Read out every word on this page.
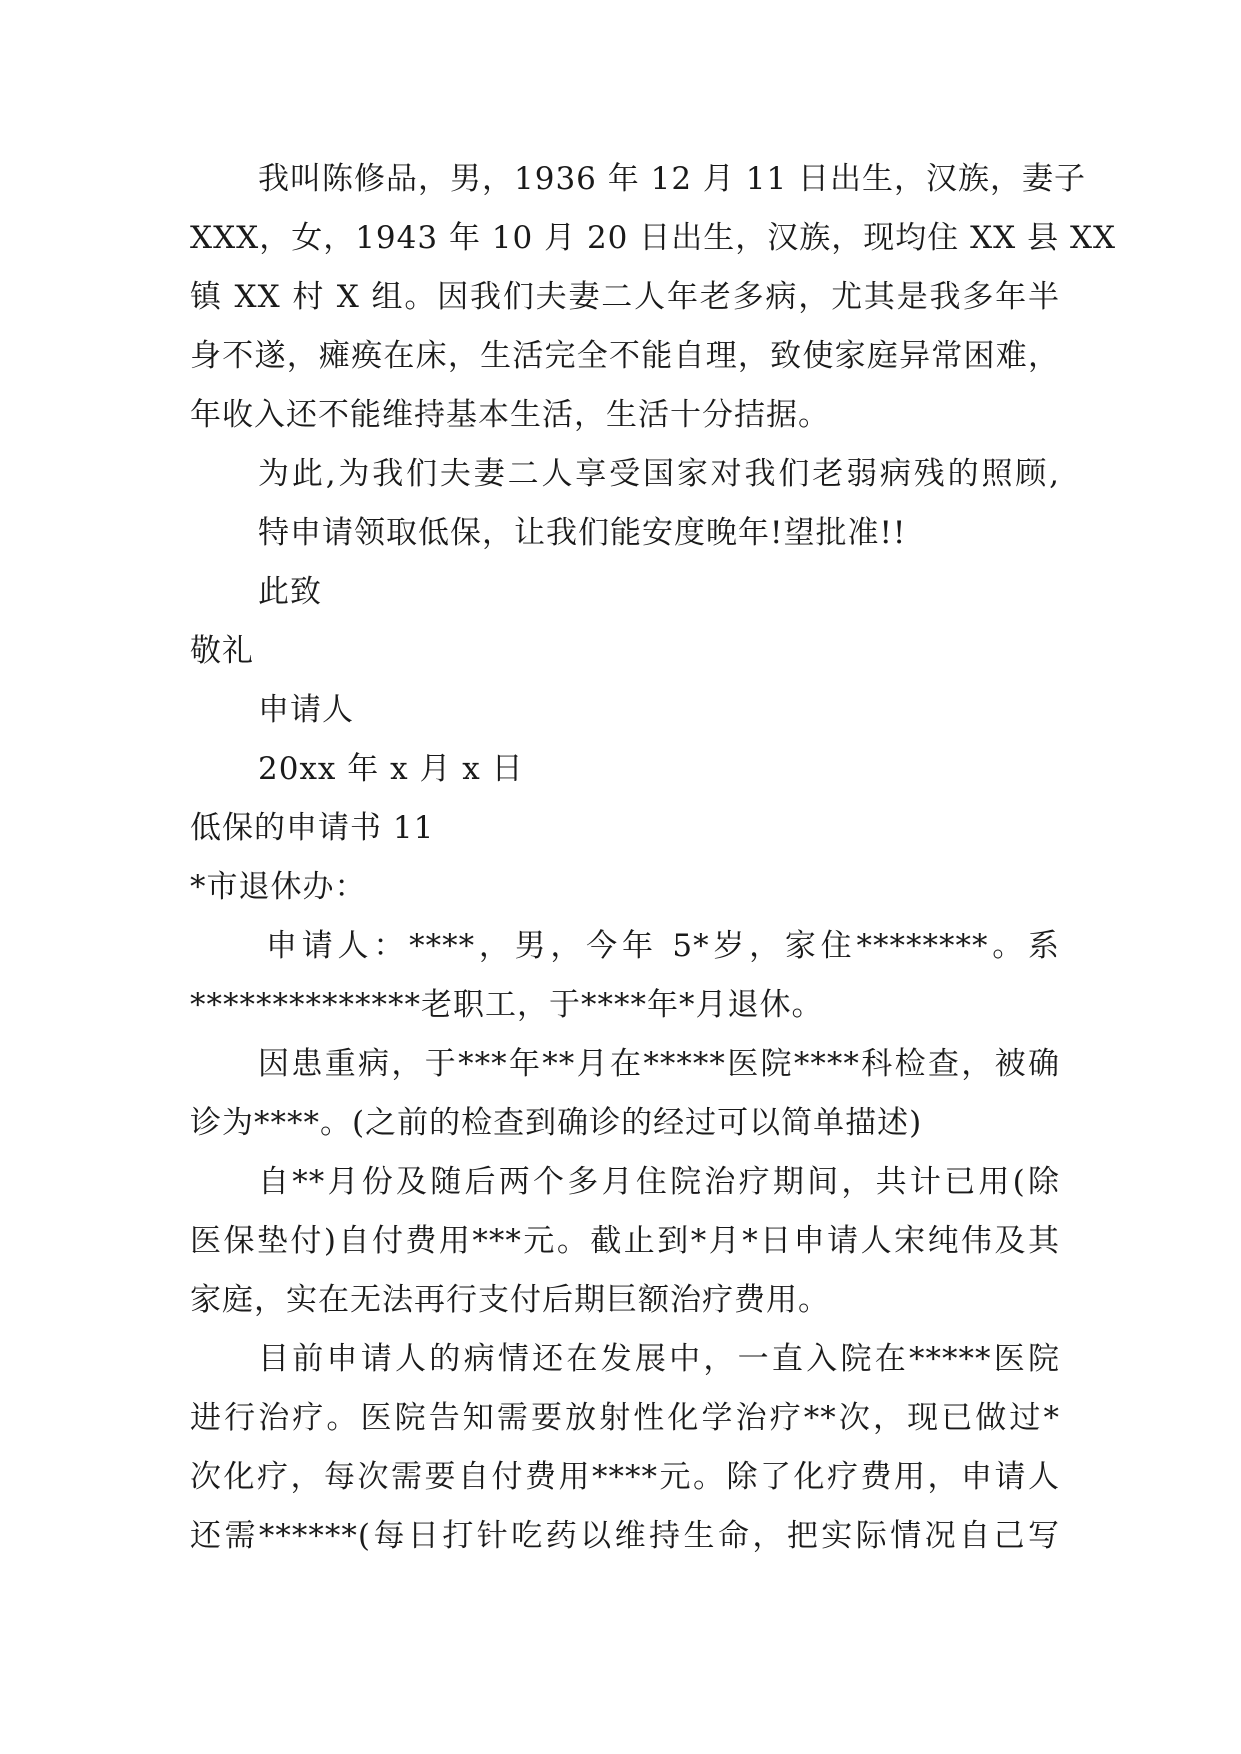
我叫陈修品，男，1936 年 12 月 11 日出生，汉族，妻子
XXX，女，1943 年 10 月 20 日出生，汉族，现均住 XX 县 XX
镇 XX 村 X 组。因我们夫妻二人年老多病，尤其是我多年半
身不遂，瘫痪在床，生活完全不能自理，致使家庭异常困难，
年收入还不能维持基本生活，生活十分拮据。
为此,为我们夫妻二人享受国家对我们老弱病残的照顾,
特申请领取低保，让我们能安度晚年!望批准!!
此致
敬礼
申请人
20xx 年 x 月 x 日
低保的申请书 11
*市退休办：
申请人：****，男，今年 5*岁，家住********。系
**************老职工，于****年*月退休。
因患重病，于***年**月在*****医院****科检查，被确
诊为****。(之前的检查到确诊的经过可以简单描述)
自**月份及随后两个多月住院治疗期间，共计已用(除
医保垫付)自付费用***元。截止到*月*日申请人宋纯伟及其
家庭，实在无法再行支付后期巨额治疗费用。
目前申请人的病情还在发展中，一直入院在*****医院
进行治疗。医院告知需要放射性化学治疗**次，现已做过*
次化疗，每次需要自付费用****元。除了化疗费用，申请人
还需******(每日打针吃药以维持生命，把实际情况自己写
